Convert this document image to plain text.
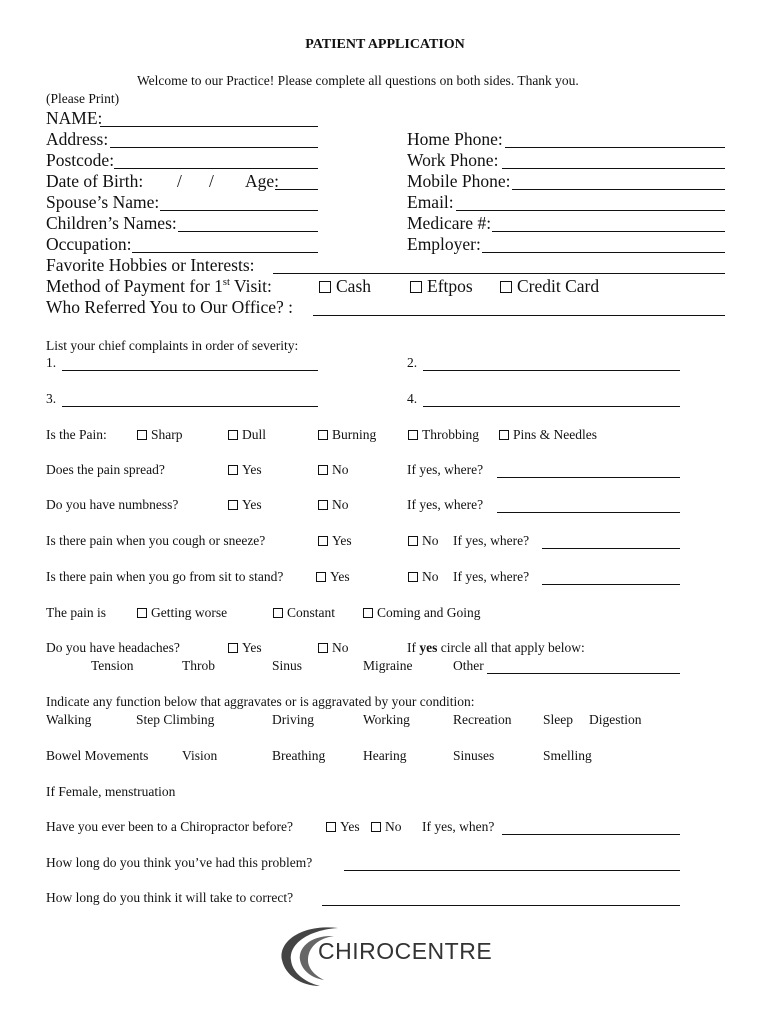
PATIENT APPLICATION
Welcome to our Practice! Please complete all questions on both sides. Thank you.
(Please Print)
NAME:
Address:
Postcode:
Date of Birth: / / Age:
Spouse’s Name:
Children’s Names:
Occupation:
Home Phone:
Work Phone:
Mobile Phone:
Email:
Medicare #:
Employer:
Favorite Hobbies or Interests:
Method of Payment for 1st Visit:	Cash	Eftpos	Credit Card
Who Referred You to Our Office? :
List your chief complaints in order of severity:
1.	2.
3.	4.
Is the Pain:	Sharp	Dull	Burning	Throbbing	Pins & Needles
Does the pain spread?	Yes	No	If yes, where?
Do you have numbness?	Yes	No	If yes, where?
Is there pain when you cough or sneeze?	Yes	No If yes, where?
Is there pain when you go from sit to stand?	Yes	No If yes, where?
The pain is	Getting worse	Constant	Coming and Going
Do you have headaches?	Yes	No	If yes circle all that apply below:
Tension	Throb	Sinus	Migraine	Other
Indicate any function below that aggravates or is aggravated by your condition:
Walking	Step Climbing	Driving	Working	Recreation Sleep Digestion
Bowel Movements Vision	Breathing	Hearing	Sinuses	Smelling
If Female, menstruation
Have you ever been to a Chiropractor before?	Yes No If yes, when?
How long do you think you’ve had this problem?
How long do you think it will take to correct?
CHIROCENTRE
